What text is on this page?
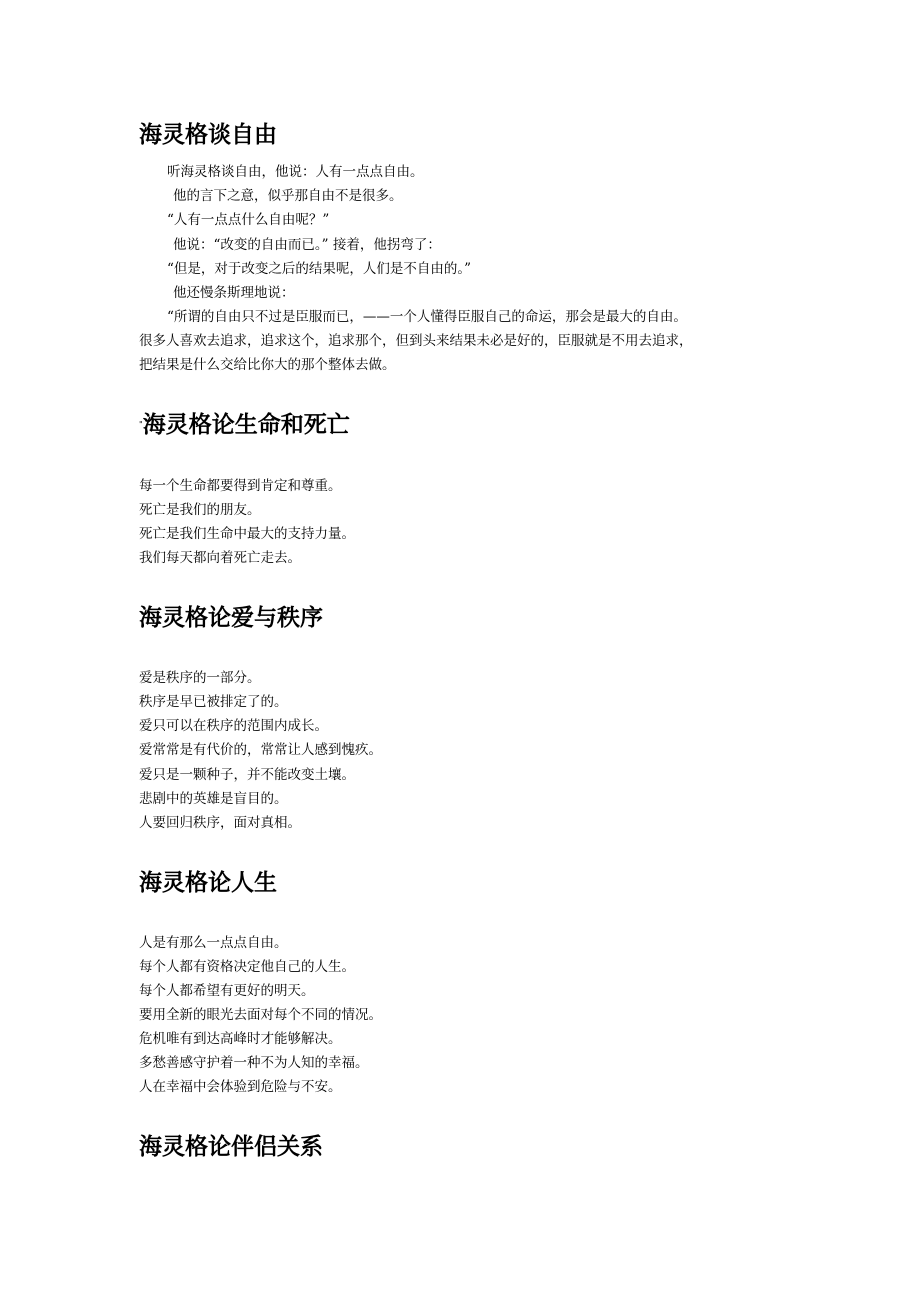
海灵格谈自由

听海灵格谈自由，他说：人有一点点自由。

他的言下之意，似乎那自由不是很多。

“人有一点点什么自由呢？”

他说：“改变的自由而已。” 接着，他拐弯了：

“但是，对于改变之后的结果呢，人们是不自由的。”

他还慢条斯理地说：

“所谓的自由只不过是臣服而已，——一个人懂得臣服自己的命运，那会是最大的自由。

很多人喜欢去追求，追求这个，追求那个，但到头来结果未必是好的，臣服就是不用去追求，

把结果是什么交给比你大的那个整体去做。

"海灵格论生命和死亡

每一个生命都要得到肯定和尊重。

死亡是我们的朋友。

死亡是我们生命中最大的支持力量。

我们每天都向着死亡走去。

海灵格论爱与秩序

爱是秩序的一部分。

秩序是早已被排定了的。

爱只可以在秩序的范围内成长。

爱常常是有代价的，常常让人感到愧疚。

爱只是一颗种子，并不能改变土壤。

悲剧中的英雄是盲目的。

人要回归秩序，面对真相。

海灵格论人生

人是有那么一点点自由。

每个人都有资格决定他自己的人生。

每个人都希望有更好的明天。

要用全新的眼光去面对每个不同的情况。

危机唯有到达高峰时才能够解决。

多愁善感守护着一种不为人知的幸福。

人在幸福中会体验到危险与不安。

海灵格论伴侣关系
